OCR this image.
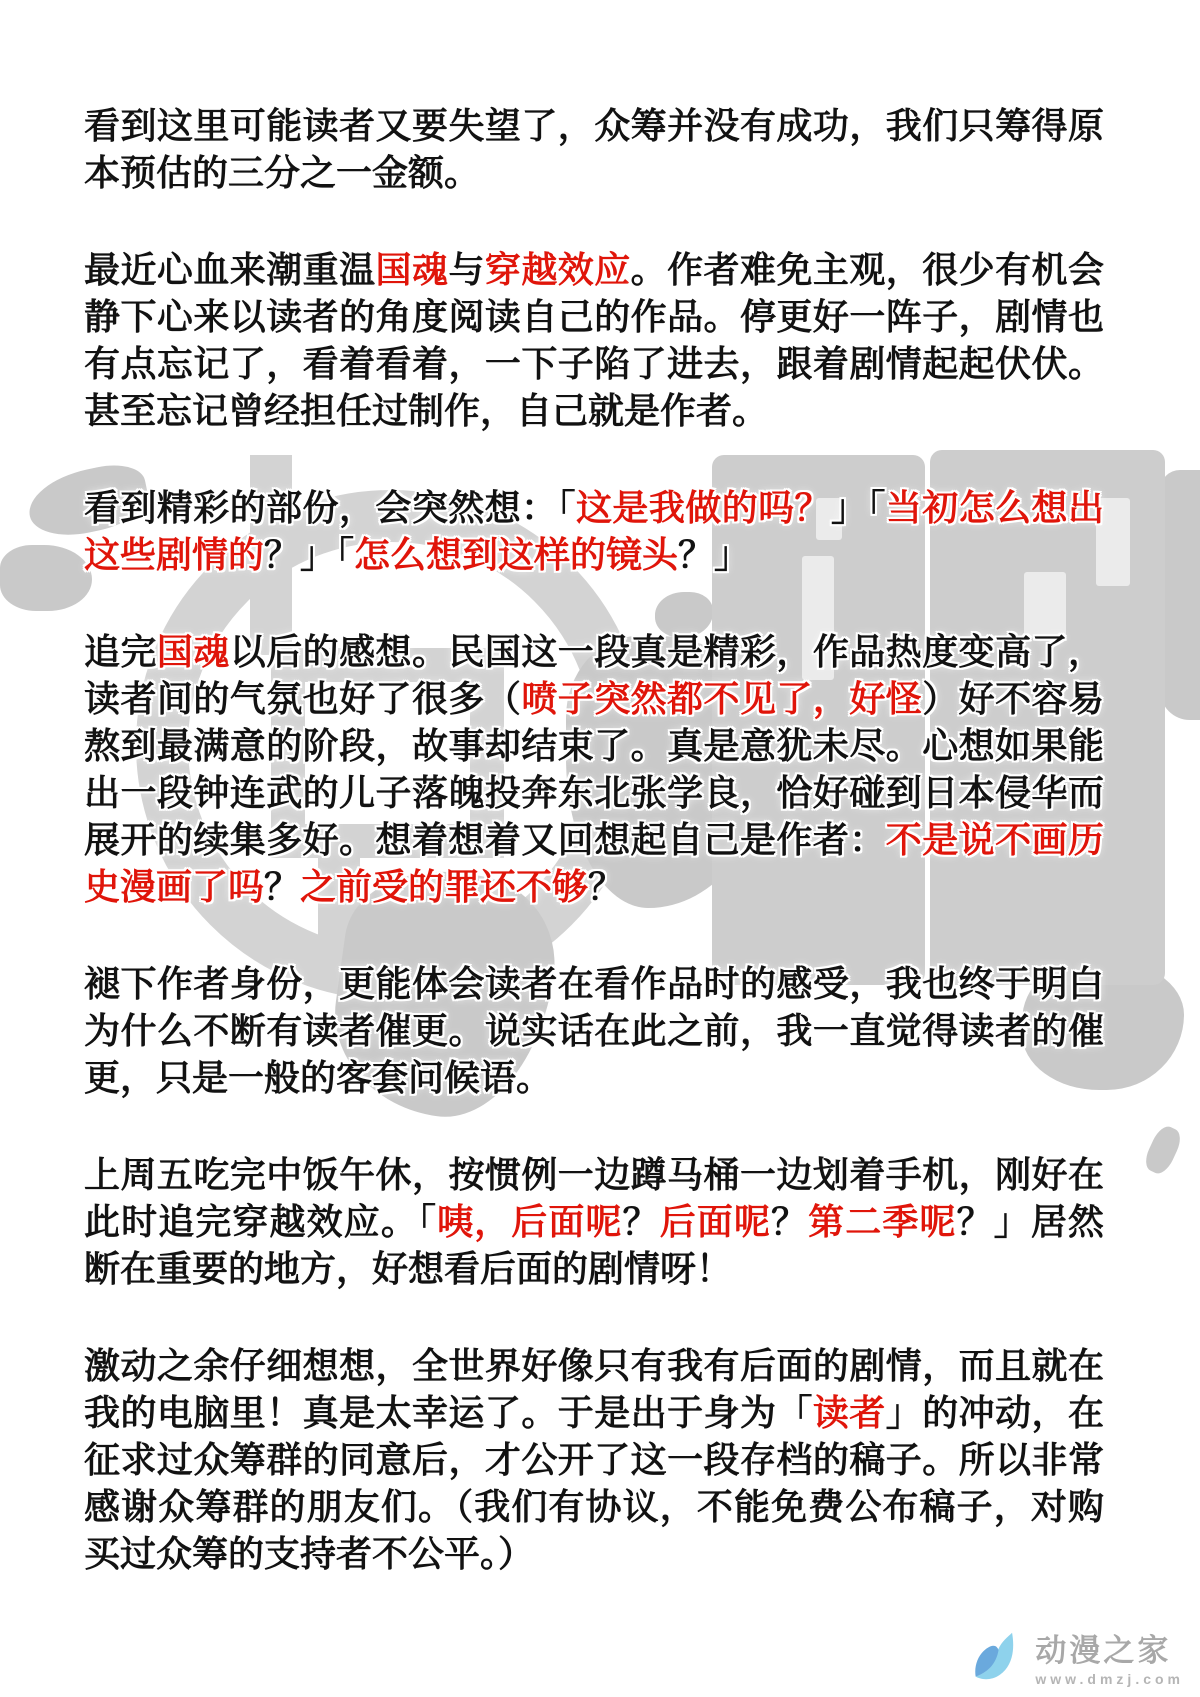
看到这里可能读者又要失望了，众筹并没有成功，我们只筹得原本预估的三分之一金额。

最近心血来潮重温国魂与穿越效应。作者难免主观，很少有机会静下心来以读者的角度阅读自己的作品。停更好一阵子，剧情也有点忘记了，看着看着，一下子陷了进去，跟着剧情起起伏伏。甚至忘记曾经担任过制作，自己就是作者。

看到精彩的部份，会突然想：「这是我做的吗？」「当初怎么想出这些剧情的？」「怎么想到这样的镜头？」

追完国魂以后的感想。民国这一段真是精彩，作品热度变高了，读者间的气氛也好了很多（喷子突然都不见了，好怪）好不容易熬到最满意的阶段，故事却结束了。真是意犹未尽。心想如果能出一段钟连武的儿子落魄投奔东北张学良，恰好碰到日本侵华而展开的续集多好。想着想着又回想起自己是作者：不是说不画历史漫画了吗？之前受的罪还不够？

褪下作者身份，更能体会读者在看作品时的感受，我也终于明白为什么不断有读者催更。说实话在此之前，我一直觉得读者的催更，只是一般的客套问候语。

上周五吃完中饭午休，按惯例一边蹲马桶一边划着手机，刚好在此时追完穿越效应。「咦，后面呢？后面呢？第二季呢？」居然断在重要的地方，好想看后面的剧情呀！

激动之余仔细想想，全世界好像只有我有后面的剧情，而且就在我的电脑里！真是太幸运了。于是出于身为「读者」的冲动，在征求过众筹群的同意后，才公开了这一段存档的稿子。所以非常感谢众筹群的朋友们。（我们有协议，不能免费公布稿子，对购买过众筹的支持者不公平。）

动漫之家
www.dmzj.com
